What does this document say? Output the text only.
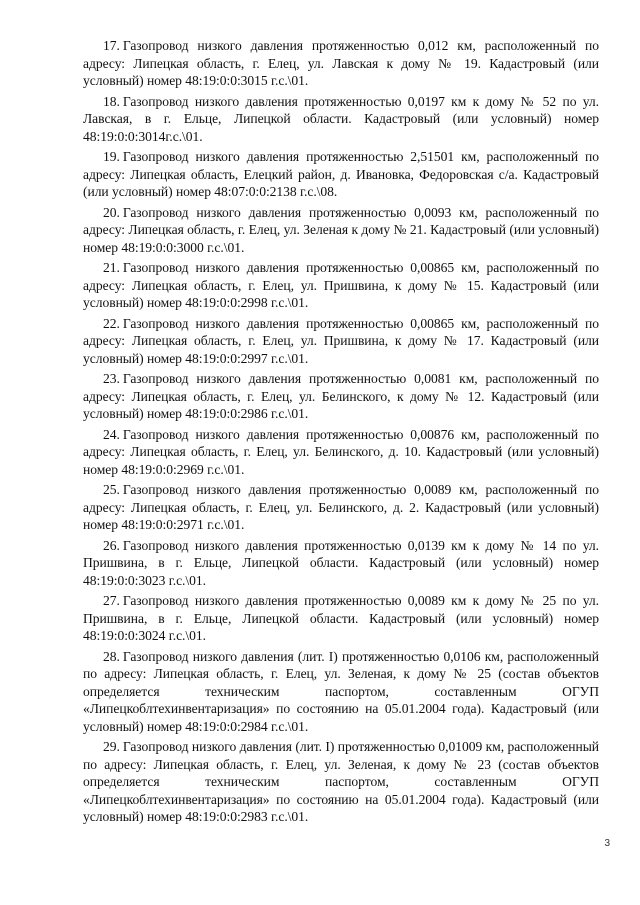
17. Газопровод низкого давления протяженностью 0,012 км, расположенный по адресу: Липецкая область, г. Елец, ул. Лавская к дому № 19. Кадастровый (или условный) номер 48:19:0:0:3015 г.с.\01.

18. Газопровод низкого давления протяженностью 0,0197 км к дому № 52 по ул. Лавская, в г. Ельце, Липецкой области. Кадастровый (или условный) номер 48:19:0:0:3014г.с.\01.

19. Газопровод низкого давления протяженностью 2,51501 км, расположенный по адресу: Липецкая область, Елецкий район, д. Ивановка, Федоровская с/а. Кадастровый (или условный) номер 48:07:0:0:2138 г.с.\08.

20. Газопровод низкого давления протяженностью 0,0093 км, расположенный по адресу: Липецкая область, г. Елец, ул. Зеленая к дому № 21. Кадастровый (или условный) номер 48:19:0:0:3000 г.с.\01.

21. Газопровод низкого давления протяженностью 0,00865 км, расположенный по адресу: Липецкая область, г. Елец, ул. Пришвина, к дому № 15. Кадастровый (или условный) номер 48:19:0:0:2998 г.с.\01.

22. Газопровод низкого давления протяженностью 0,00865 км, расположенный по адресу: Липецкая область, г. Елец, ул. Пришвина, к дому № 17. Кадастровый (или условный) номер 48:19:0:0:2997 г.с.\01.

23. Газопровод низкого давления протяженностью 0,0081 км, расположенный по адресу: Липецкая область, г. Елец, ул. Белинского, к дому № 12. Кадастровый (или условный) номер 48:19:0:0:2986 г.с.\01.

24. Газопровод низкого давления протяженностью 0,00876 км, расположенный по адресу: Липецкая область, г. Елец, ул. Белинского, д. 10. Кадастровый (или условный) номер 48:19:0:0:2969 г.с.\01.

25. Газопровод низкого давления протяженностью 0,0089 км, расположенный по адресу: Липецкая область, г. Елец, ул. Белинского, д. 2. Кадастровый (или условный) номер 48:19:0:0:2971 г.с.\01.

26. Газопровод низкого давления протяженностью 0,0139 км к дому № 14 по ул. Пришвина, в г. Ельце, Липецкой области. Кадастровый (или условный) номер 48:19:0:0:3023 г.с.\01.

27. Газопровод низкого давления протяженностью 0,0089 км к дому № 25 по ул. Пришвина, в г. Ельце, Липецкой области. Кадастровый (или условный) номер 48:19:0:0:3024 г.с.\01.

28. Газопровод низкого давления (лит. I) протяженностью 0,0106 км, расположенный по адресу: Липецкая область, г. Елец, ул. Зеленая, к дому № 25 (состав объектов определяется техническим паспортом, составленным ОГУП «Липецкоблтехинвентаризация» по состоянию на 05.01.2004 года). Кадастровый (или условный) номер 48:19:0:0:2984 г.с.\01.

29. Газопровод низкого давления (лит. I) протяженностью 0,01009 км, расположенный по адресу: Липецкая область, г. Елец, ул. Зеленая, к дому № 23 (состав объектов определяется техническим паспортом, составленным ОГУП «Липецкоблтехинвентаризация» по состоянию на 05.01.2004 года). Кадастровый (или условный) номер 48:19:0:0:2983 г.с.\01.

3
